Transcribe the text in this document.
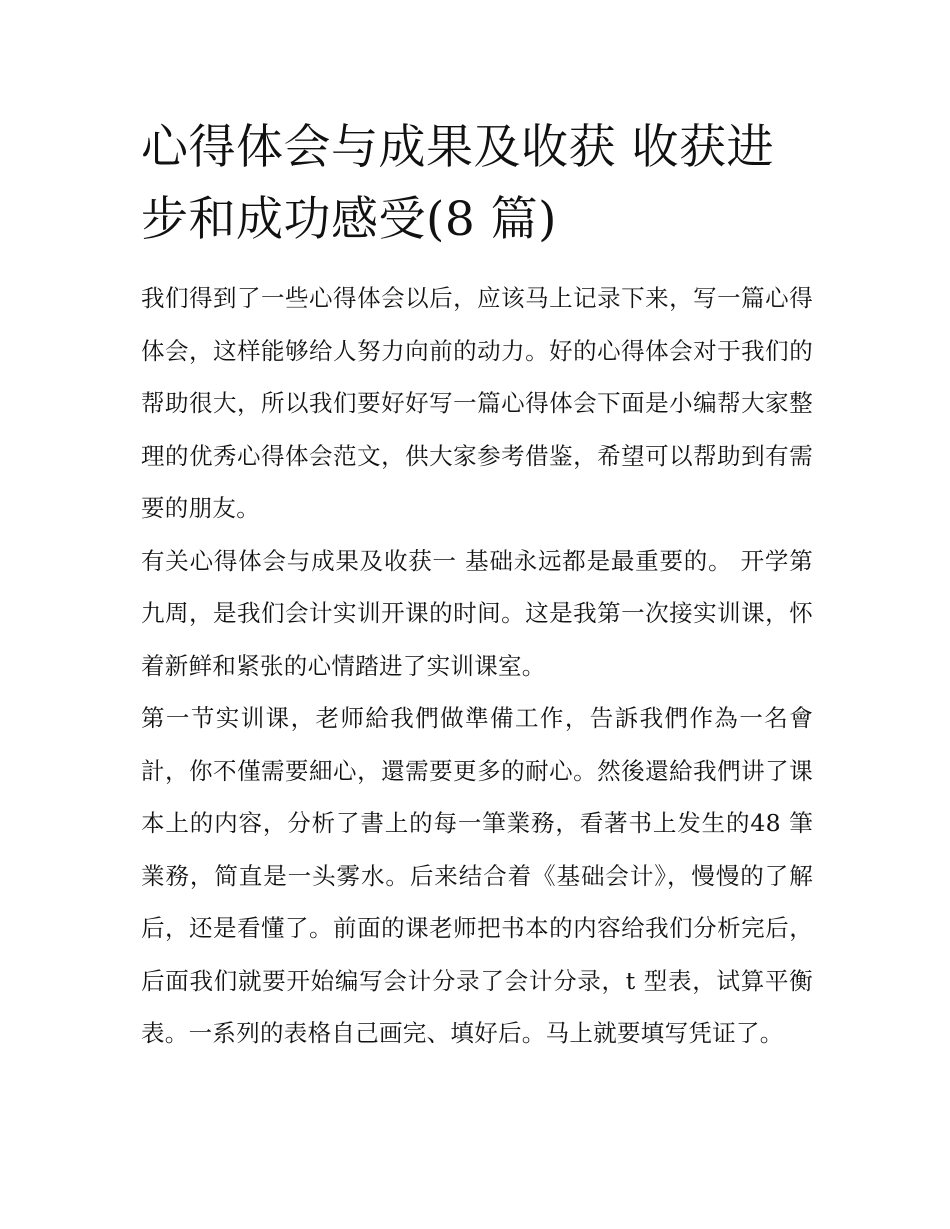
心得体会与成果及收获 收获进步和成功感受(8 篇)

我们得到了一些心得体会以后，应该马上记录下来，写一篇心得体会，这样能够给人努力向前的动力。好的心得体会对于我们的帮助很大，所以我们要好好写一篇心得体会下面是小编帮大家整理的优秀心得体会范文，供大家参考借鉴，希望可以帮助到有需要的朋友。

有关心得体会与成果及收获一 基础永远都是最重要的。 开学第九周，是我们会计实训开课的时间。这是我第一次接实训课，怀着新鲜和紧张的心情踏进了实训课室。

第一节实训课，老师給我們做準備工作，告訴我們作為一名會計，你不僅需要細心，還需要更多的耐心。然後還給我們讲了课本上的内容，分析了書上的每一筆業務，看著书上发生的48 筆業務，简直是一头雾水。后来结合着《基础会计》，慢慢的了解后，还是看懂了。前面的课老师把书本的内容给我们分析完后，后面我们就要开始编写会计分录了会计分录，t 型表，试算平衡表。一系列的表格自己画完、填好后。马上就要填写凭证了。
